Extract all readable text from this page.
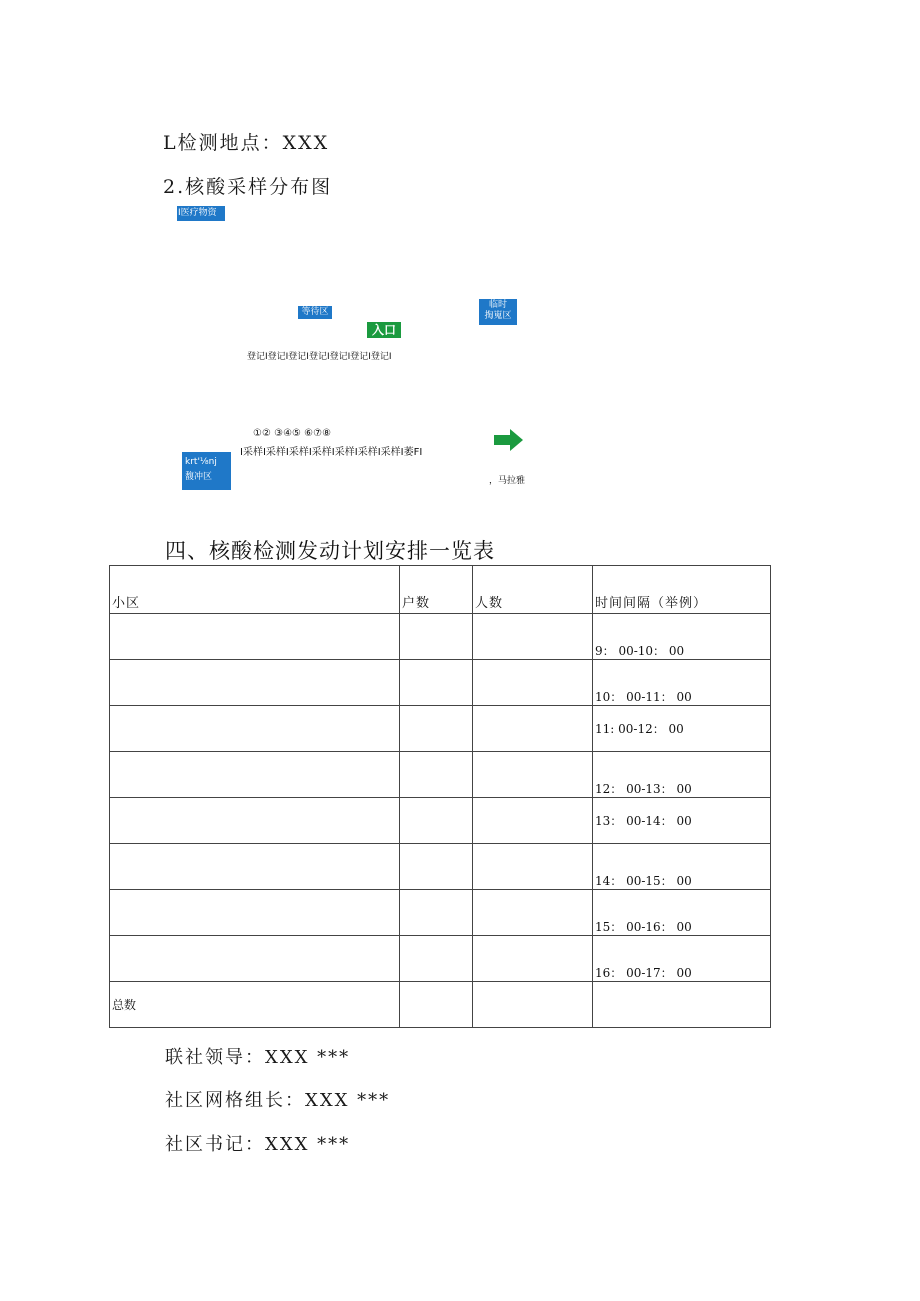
L检测地点：XXX
2.核酸采样分布图
I医疗物资
等待区
入口
临时
掏嵬区
登记I登记I登记I登记I登记I登记I登记I
①② ③④⑤ ⑥⑦⑧
I采样I采样I采样I采样I采样I采样I采样I萎FI
krt'⅛nj
馥冲区	，马拉雅
四、核酸检测发动计划安排一览表
小区	户数	人数	时间间隔（举例）
			9： 00-10： 00
			10： 00-11： 00
			11: 00-12： 00
			12： 00-13： 00
			13： 00-14： 00
			14： 00-15： 00
			15： 00-16： 00
			16： 00-17： 00
总数			
联社领导：XXX ***
社区网格组长：XXX ***
社区书记：XXX ***
